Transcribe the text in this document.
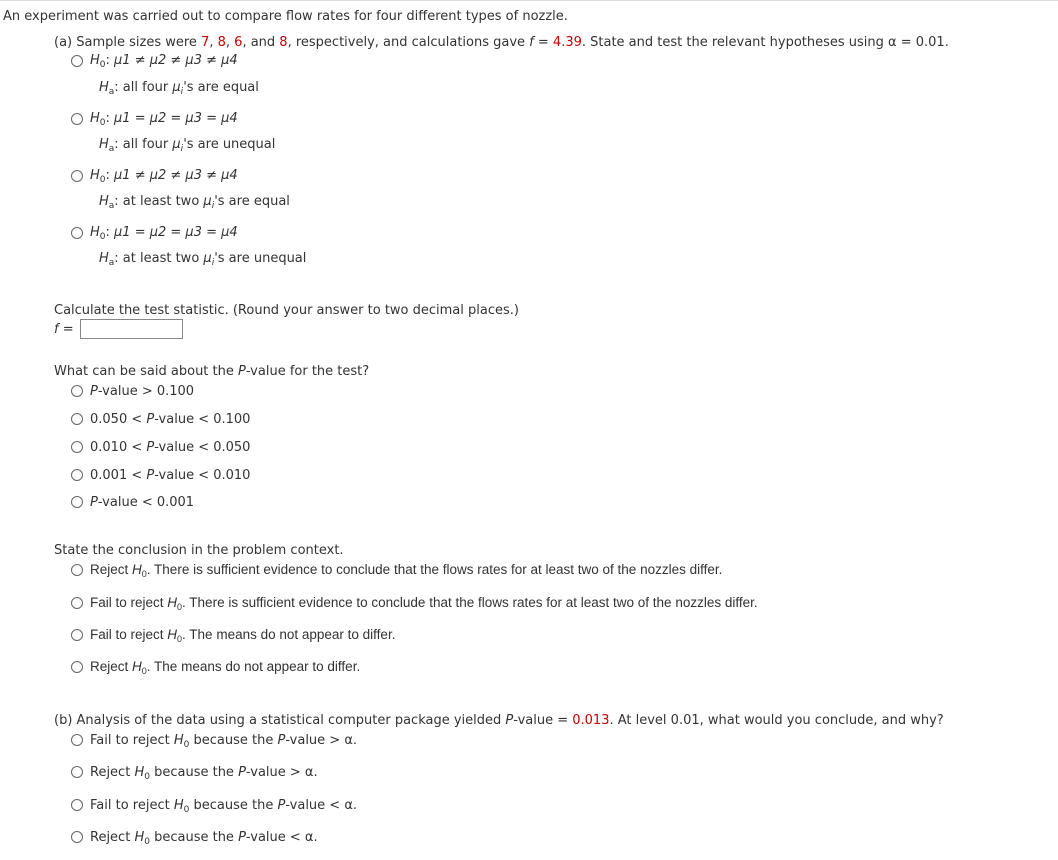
An experiment was carried out to compare flow rates for four different types of nozzle.
(a) Sample sizes were 7, 8, 6, and 8, respectively, and calculations gave f = 4.39. State and test the relevant hypotheses using α = 0.01.
$H_0$: μ1 ≠ μ2 ≠ μ3 ≠ μ4
$H_a$: all four $\mu_i's$ are equal
$H_0$: μ1 = μ2 = μ3 = μ4
$H_a$: all four $\mu_i's$ are unequal
$H_0$: μ1 ≠ μ2 ≠ μ3 ≠ μ4
$H_a$: at least two $\mu_i's$ are equal
$H_0$: μ1 = μ2 = μ3 = μ4
$H_a$: at least two $\mu_i's$ are unequal
Calculate the test statistic. (Round your answer to two decimal places.)
f =
What can be said about the P-value for the test?
P-value > 0.100
0.050 < P-value < 0.100
0.010 < P-value < 0.050
0.001 < P-value < 0.010
P-value < 0.001
State the conclusion in the problem context.
Reject $H_0$. There is sufficient evidence to conclude that the flows rates for at least two of the nozzles differ.
Fail to reject $H_0$. There is sufficient evidence to conclude that the flows rates for at least two of the nozzles differ.
Fail to reject $H_0$. The means do not appear to differ.
Reject $H_0$. The means do not appear to differ.
(b) Analysis of the data using a statistical computer package yielded P-value = 0.013. At level 0.01, what would you conclude, and why?
Fail to reject $H_0$ because the P-value > α.
Reject $H_0$ because the P-value > α.
Fail to reject $H_0$ because the P-value < α.
Reject $H_0$ because the P-value < α.
